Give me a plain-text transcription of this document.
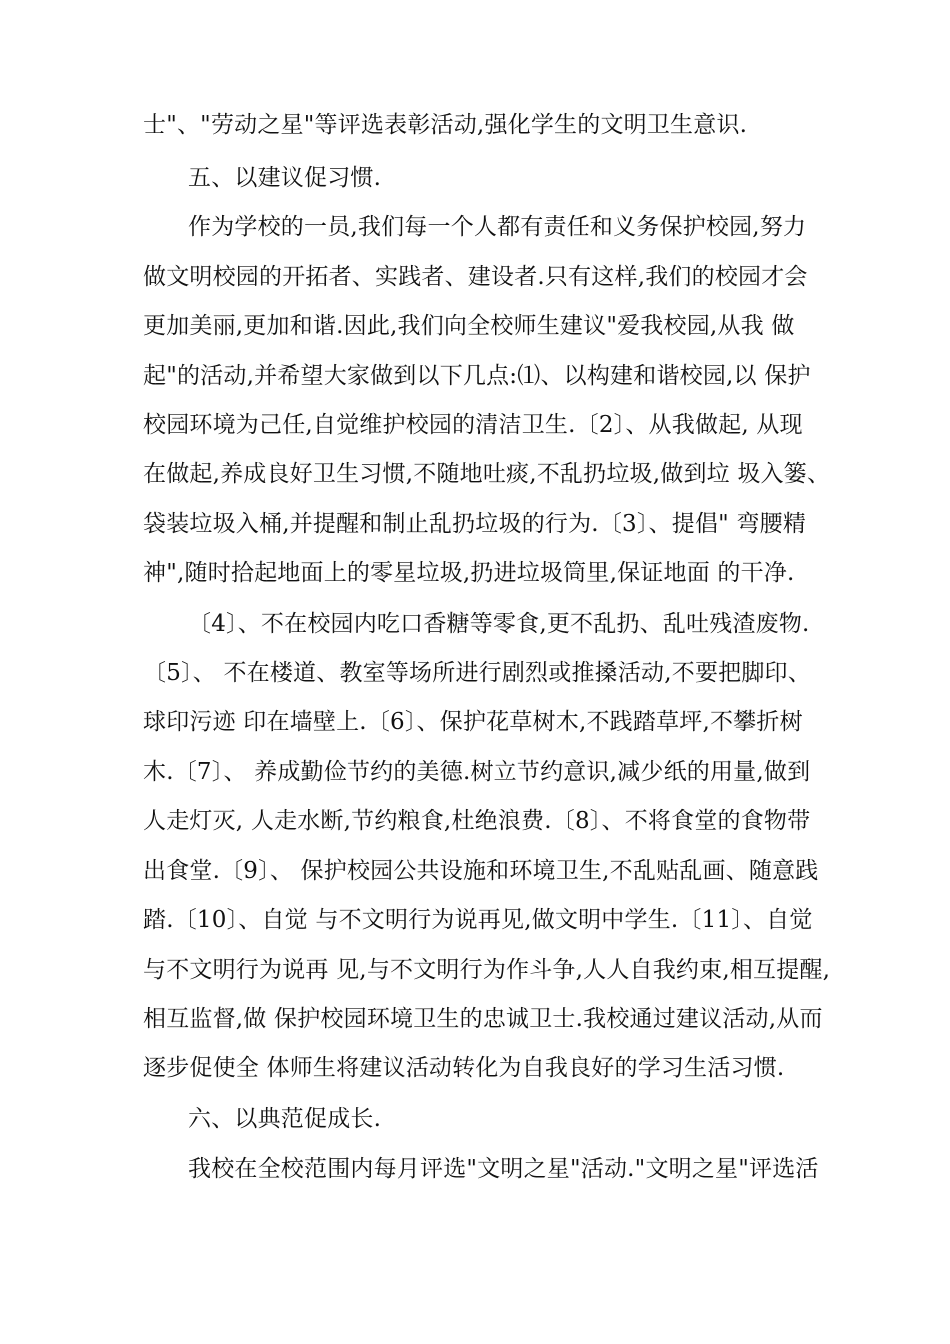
士"、"劳动之星"等评选表彰活动,强化学生的文明卫生意识.
五、以建议促习惯.
作为学校的一员,我们每一个人都有责任和义务保护校园,努力
做文明校园的开拓者、实践者、建设者.只有这样,我们的校园才会
更加美丽,更加和谐.因此,我们向全校师生建议"爱我校园,从我 做
起"的活动,并希望大家做到以下几点:⑴、以构建和谐校园,以 保护
校园环境为己任,自觉维护校园的清洁卫生.〔2〕、从我做起, 从现
在做起,养成良好卫生习惯,不随地吐痰,不乱扔垃圾,做到垃 圾入篓、
袋装垃圾入桶,并提醒和制止乱扔垃圾的行为.〔3〕、提倡" 弯腰精
神",随时拾起地面上的零星垃圾,扔进垃圾筒里,保证地面 的干净.
〔4〕、不在校园内吃口香糖等零食,更不乱扔、乱吐残渣废物.
〔5〕、 不在楼道、教室等场所进行剧烈或推搡活动,不要把脚印、
球印污迹 印在墙壁上.〔6〕、保护花草树木,不践踏草坪,不攀折树
木.〔7〕、 养成勤俭节约的美德.树立节约意识,减少纸的用量,做到
人走灯灭, 人走水断,节约粮食,杜绝浪费.〔8〕、不将食堂的食物带
出食堂.〔9〕、 保护校园公共设施和环境卫生,不乱贴乱画、随意践
踏.〔10〕、自觉 与不文明行为说再见,做文明中学生.〔11〕、自觉
与不文明行为说再 见,与不文明行为作斗争,人人自我约束,相互提醒,
相互监督,做 保护校园环境卫生的忠诚卫士.我校通过建议活动,从而
逐步促使全 体师生将建议活动转化为自我良好的学习生活习惯.
六、以典范促成长.
我校在全校范围内每月评选"文明之星"活动."文明之星"评选活
